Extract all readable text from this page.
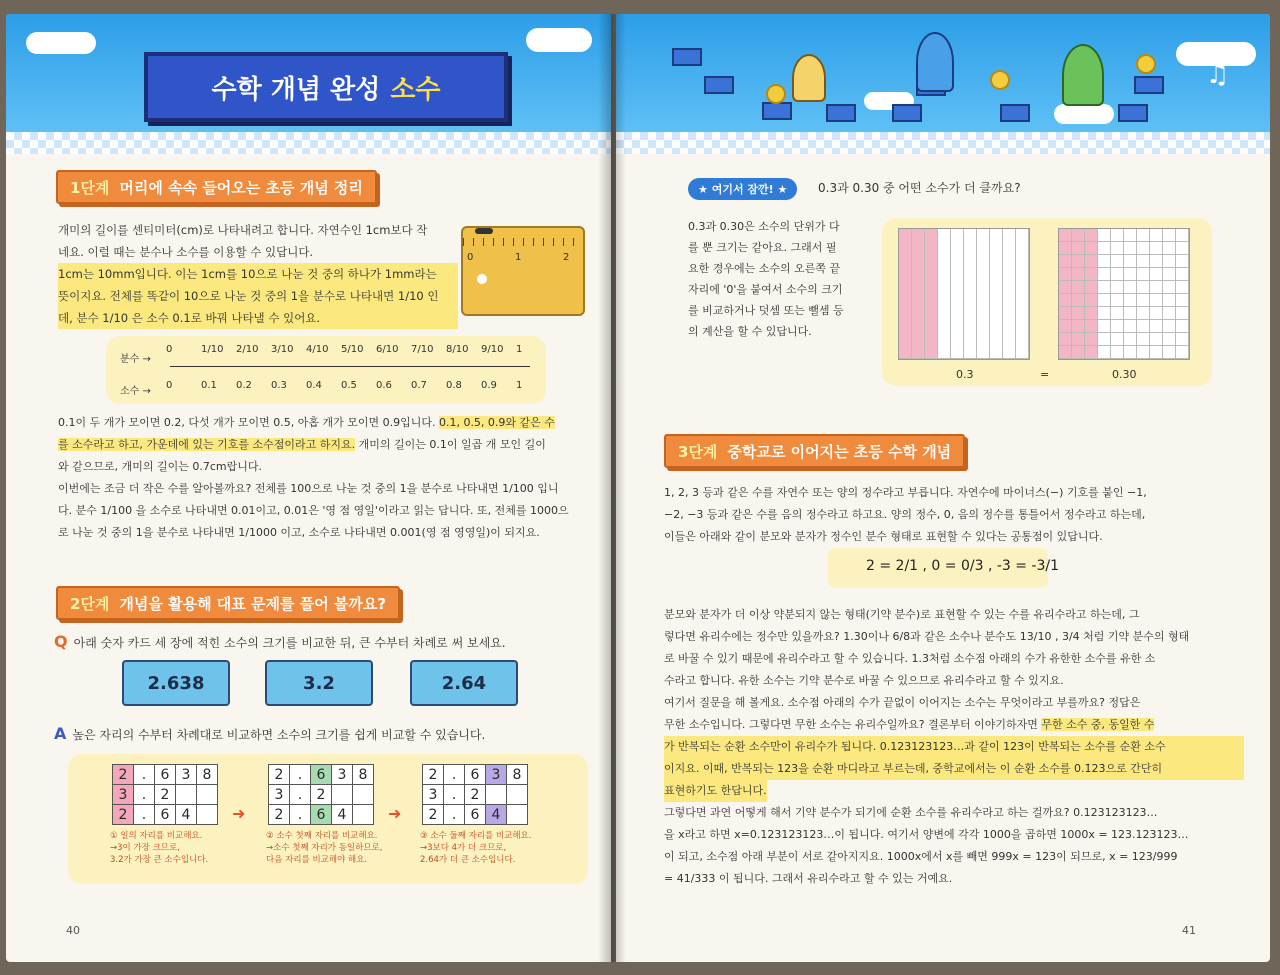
수학 개념 완성 소수
1단계 머리에 속속 들어오는 초등 개념 정리
개미의 길이를 센티미터(cm)로 나타내려고 합니다. 자연수인 1cm보다 작
네요. 이럴 때는 분수나 소수를 이용할 수 있답니다.
1cm는 10mm입니다. 이는 1cm를 10으로 나눈 것 중의 하나가 1mm라는
뜻이지요. 전체를 똑같이 10으로 나눈 것 중의 1을 분수로 나타내면 1/10 인
데, 분수 1/10 은 소수 0.1로 바꿔 나타낼 수 있어요.
0	1	2
분수 →
소수 →
0	1/10 2/10 3/10 4/10 5/10 6/10 7/10 8/10 9/10 1
0	0.1 0.2 0.3 0.4 0.5 0.6 0.7 0.8 0.9 1
0.1이 두 개가 모이면 0.2, 다섯 개가 모이면 0.5, 아홉 개가 모이면 0.9입니다. 0.1, 0.5, 0.9와 같은 수
를 소수라고 하고, 가운데에 있는 기호를 소수점이라고 하지요. 개미의 길이는 0.1이 일곱 개 모인 길이
와 같으므로, 개미의 길이는 0.7cm랍니다.
이번에는 조금 더 작은 수를 알아볼까요? 전체를 100으로 나눈 것 중의 1을 분수로 나타내면 1/100 입니
다. 분수 1/100 을 소수로 나타내면 0.01이고, 0.01은 '영 점 영일'이라고 읽는 답니다. 또, 전체를 1000으
로 나눈 것 중의 1을 분수로 나타내면 1/1000 이고, 소수로 나타내면 0.001(영 점 영영일)이 되지요.
2단계 개념을 활용해 대표 문제를 풀어 볼까요?
Q 아래 숫자 카드 세 장에 적힌 소수의 크기를 비교한 뒤, 큰 수부터 차례로 써 보세요.
2.638	3.2	2.64
A 높은 자리의 수부터 차례대로 비교하면 소수의 크기를 쉽게 비교할 수 있습니다.
2	.	6	3	8
3	.	2		
2	.	6	4	
2	.	6	3	8
3	.	2		
2	.	6	4	
2	.	6	3	8
3	.	2		
2	.	6	4	
➜	➜
① 일의 자리를 비교해요.
→3이 가장 크므로,
3.2가 가장 큰 소수입니다.
② 소수 첫째 자리를 비교해요.
→소수 첫째 자리가 동일하므로,
다음 자리를 비교해야 해요.
③ 소수 둘째 자리를 비교해요.
→3보다 4가 더 크므로,
2.64가 더 큰 소수입니다.
40
♫
★ 여기서 잠깐! ★	0.3과 0.30 중 어떤 소수가 더 클까요?
0.3과 0.30은 소수의 단위가 다
를 뿐 크기는 같아요. 그래서 필
요한 경우에는 소수의 오른쪽 끝
자리에 '0'을 붙여서 소수의 크기
를 비교하거나 덧셈 또는 뺄셈 등
의 계산을 할 수 있답니다.
0.3	=	0.30
3단계 중학교로 이어지는 초등 수학 개념
1, 2, 3 등과 같은 수를 자연수 또는 양의 정수라고 부릅니다. 자연수에 마이너스(−) 기호를 붙인 −1,
−2, −3 등과 같은 수를 음의 정수라고 하고요. 양의 정수, 0, 음의 정수를 통틀어서 정수라고 하는데,
이들은 아래와 같이 분모와 분자가 정수인 분수 형태로 표현할 수 있다는 공통점이 있답니다.
2 = 2/1 , 0 = 0/3 , -3 = -3/1
분모와 분자가 더 이상 약분되지 않는 형태(기약 분수)로 표현할 수 있는 수를 유리수라고 하는데, 그
렇다면 유리수에는 정수만 있을까요? 1.30이나 6/8과 같은 소수나 분수도 13/10 , 3/4 처럼 기약 분수의 형태
로 바꿀 수 있기 때문에 유리수라고 할 수 있습니다. 1.3처럼 소수점 아래의 수가 유한한 소수를 유한 소
수라고 합니다. 유한 소수는 기약 분수로 바꿀 수 있으므로 유리수라고 할 수 있지요.
여기서 질문을 해 볼게요. 소수점 아래의 수가 끝없이 이어지는 소수는 무엇이라고 부를까요? 정답은
무한 소수입니다. 그렇다면 무한 소수는 유리수일까요? 결론부터 이야기하자면 무한 소수 중, 동일한 수
가 반복되는 순환 소수만이 유리수가 됩니다. 0.123123123…과 같이 123이 반복되는 소수를 순환 소수
이지요. 이때, 반복되는 123을 순환 마디라고 부르는데, 중학교에서는 이 순환 소수를 0.1̇23̇으로 간단히
표현하기도 한답니다.
그렇다면 과연 어떻게 해서 기약 분수가 되기에 순환 소수를 유리수라고 하는 걸까요? 0.123123123…
을 x라고 하면 x=0.123123123…이 됩니다. 여기서 양변에 각각 1000을 곱하면 1000x = 123.123123…
이 되고, 소수점 아래 부분이 서로 같아지지요. 1000x에서 x를 빼면 999x = 123이 되므로, x = 123/999
= 41/333 이 됩니다. 그래서 유리수라고 할 수 있는 거예요.
41
